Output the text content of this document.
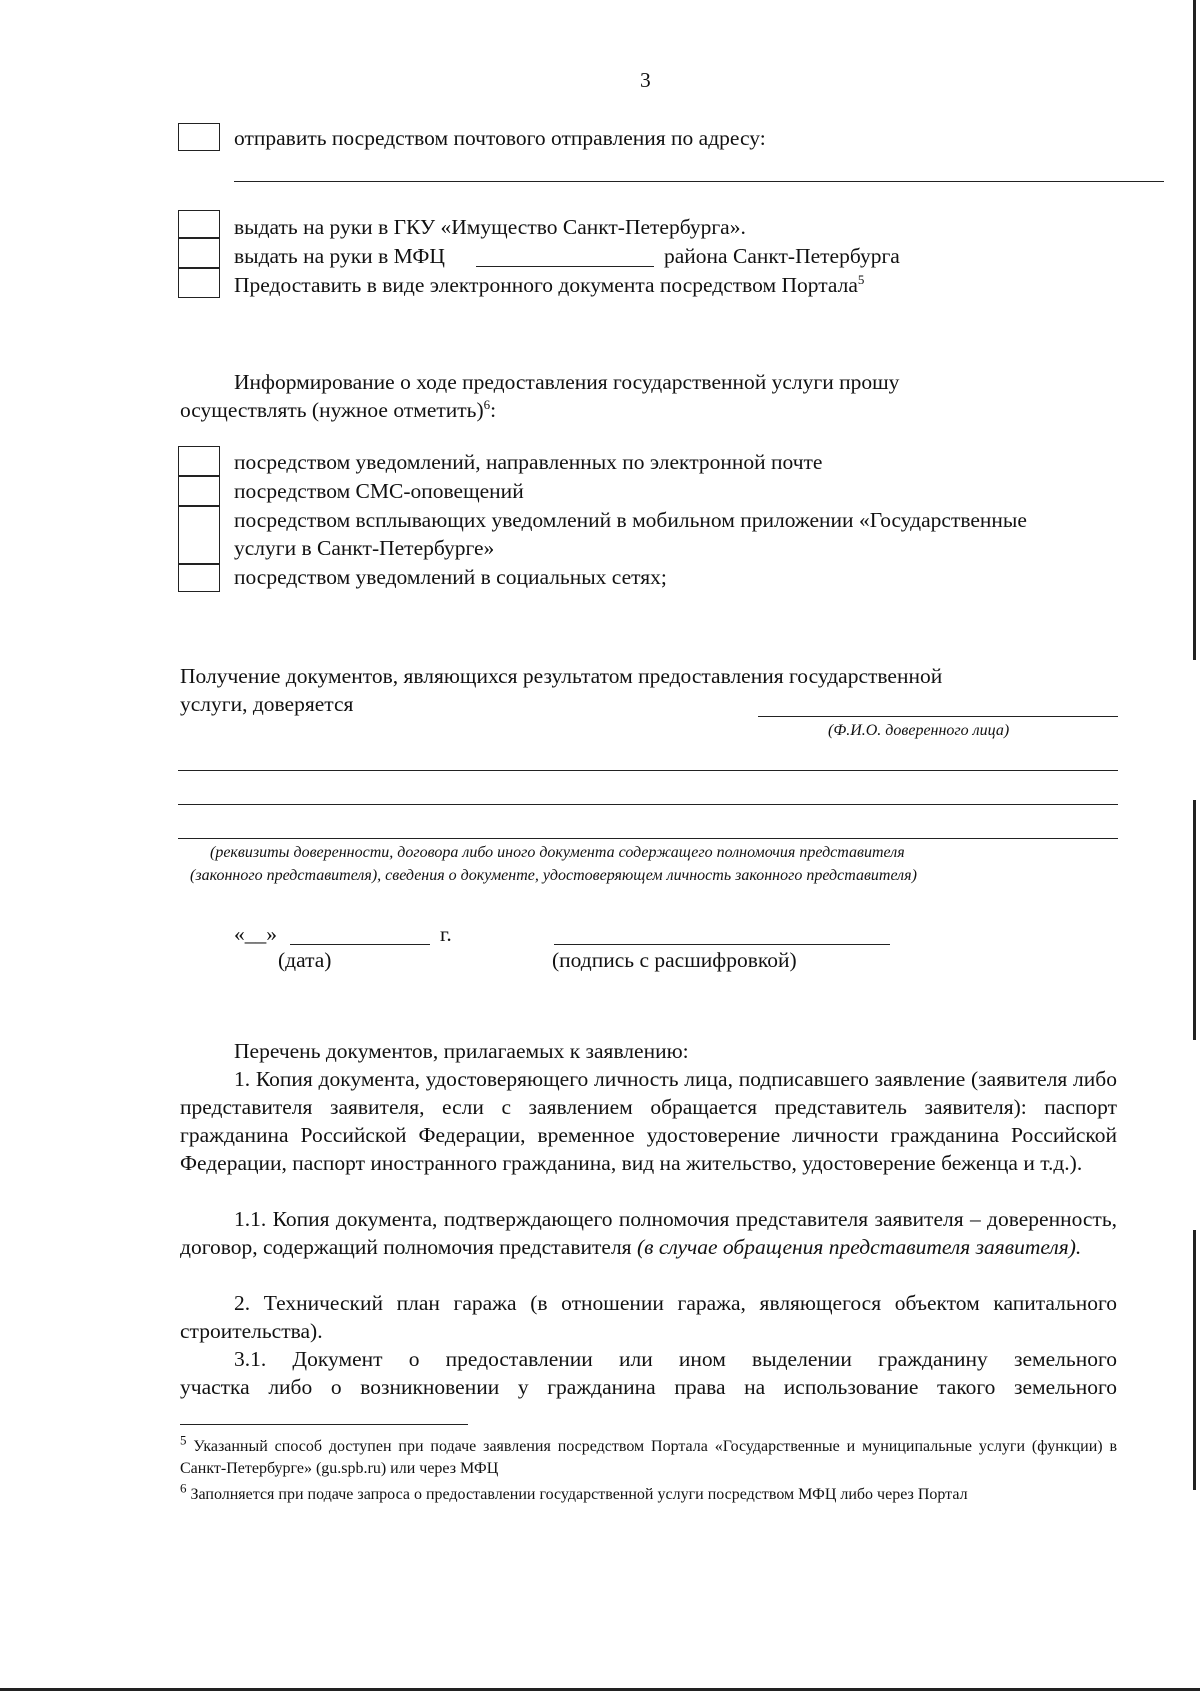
3
отправить посредством почтового отправления по адресу:
выдать на руки в ГКУ «Имущество Санкт-Петербурга».
выдать на руки в МФЦ	района Санкт-Петербурга
Предоставить в виде электронного документа посредством Портала$^5$
Информирование о ходе предоставления государственной услуги прошу
осуществлять (нужное отметить)$^6$:
посредством уведомлений, направленных по электронной почте
посредством СМС-оповещений
посредством всплывающих уведомлений в мобильном приложении «Государственные
услуги в Санкт-Петербурге»
посредством уведомлений в социальных сетях;
Получение документов, являющихся результатом предоставления государственной
услуги, доверяется
(Ф.И.О. доверенного лица)
(реквизиты доверенности, договора либо иного документа содержащего полномочия представителя
(законного представителя), сведения о документе, удостоверяющем личность законного представителя)
«__»	г.
(дата)	(подпись с расшифровкой)
Перечень документов, прилагаемых к заявлению:
1. Копия документа, удостоверяющего личность лица, подписавшего заявление (заявителя либо представителя заявителя, если с заявлением обращается представитель заявителя): паспорт гражданина Российской Федерации, временное удостоверение личности гражданина Российской Федерации, паспорт иностранного гражданина, вид на жительство, удостоверение беженца и т.д.).
1.1. Копия документа, подтверждающего полномочия представителя заявителя – доверенность, договор, содержащий полномочия представителя (в случае обращения представителя заявителя).
2. Технический план гаража (в отношении гаража, являющегося объектом капитального строительства).
3.1. Документ о предоставлении или ином выделении гражданину земельного
участка либо о возникновении у гражданина права на использование такого земельного
$^5$ Указанный способ доступен при подаче заявления посредством Портала «Государственные и муниципальные услуги (функции) в Санкт-Петербурге» (gu.spb.ru) или через МФЦ
$^6$ Заполняется при подаче запроса о предоставлении государственной услуги посредством МФЦ либо через Портал
